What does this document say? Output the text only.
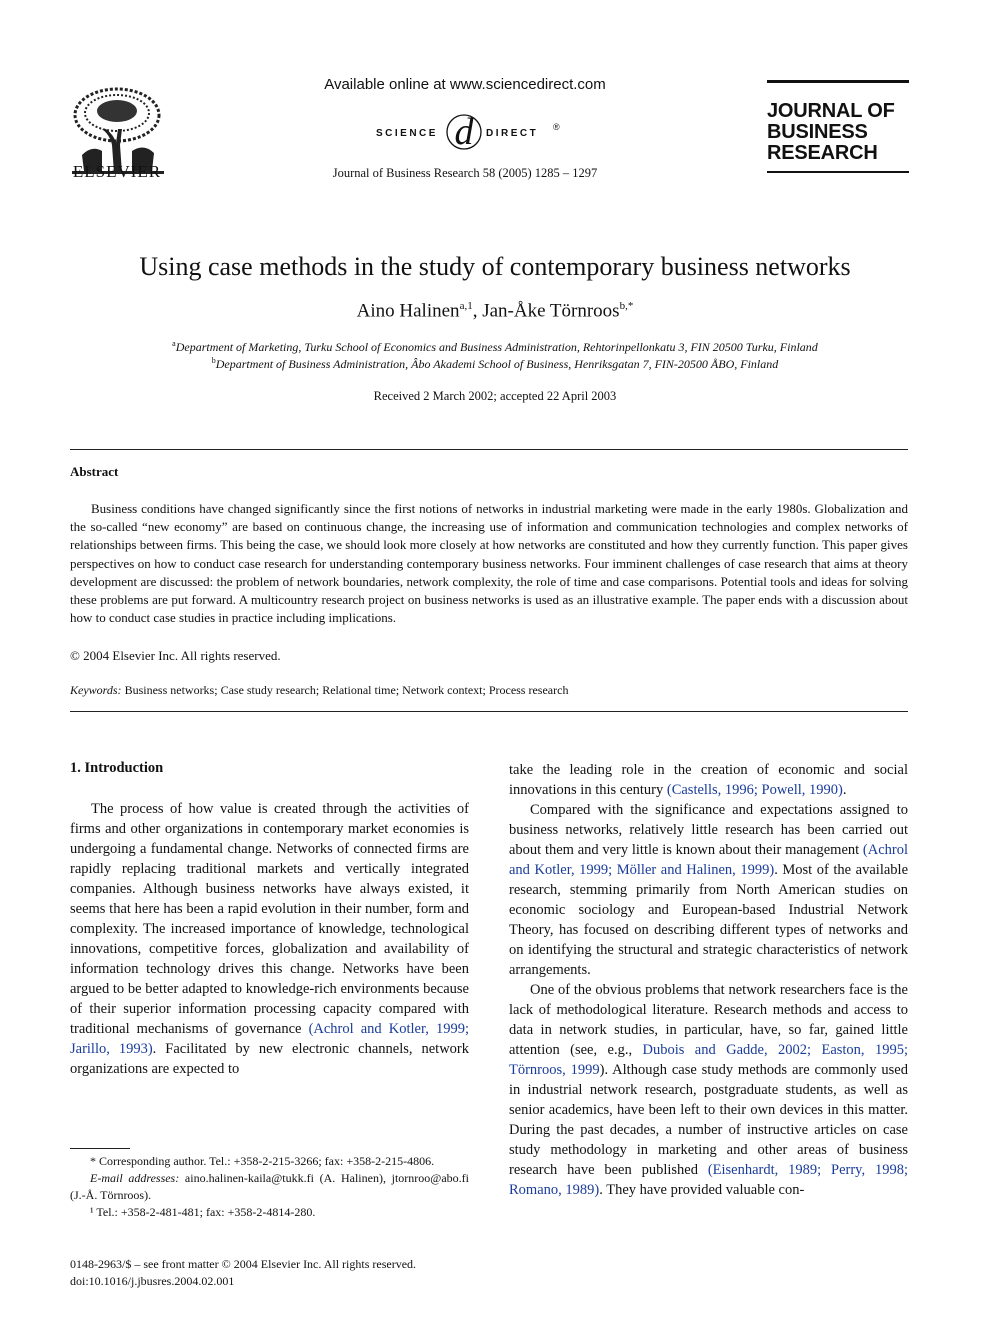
ELSEVIER
Available online at www.sciencedirect.com
SCIENCE d DIRECT
®
Journal of Business Research 58 (2005) 1285 – 1297
JOURNAL OF
BUSINESS
RESEARCH
Using case methods in the study of contemporary business networks
Aino Halinen$^{a,1}$, Jan-Åke Törnroos$^{b,*}$
$^a$Department of Marketing, Turku School of Economics and Business Administration, Rehtorinpellonkatu 3, FIN 20500 Turku, Finland
$^b$Department of Business Administration, Âbo Akademi School of Business, Henriksgatan 7, FIN-20500 ÅBO, Finland
Received 2 March 2002; accepted 22 April 2003
Abstract
Business conditions have changed significantly since the first notions of networks in industrial marketing were made in the early 1980s. Globalization and the so-called “new economy” are based on continuous change, the increasing use of information and communication technologies and complex networks of relationships between firms. This being the case, we should look more closely at how networks are constituted and how they currently function. This paper gives perspectives on how to conduct case research for understanding contemporary business networks. Four imminent challenges of case research that aims at theory development are discussed: the problem of network boundaries, network complexity, the role of time and case comparisons. Potential tools and ideas for solving these problems are put forward. A multicountry research project on business networks is used as an illustrative example. The paper ends with a discussion about how to conduct case studies in practice including implications.
© 2004 Elsevier Inc. All rights reserved.
Keywords: Business networks; Case study research; Relational time; Network context; Process research
1. Introduction

The process of how value is created through the activities of firms and other organizations in contemporary market economies is undergoing a fundamental change. Networks of connected firms are rapidly replacing traditional markets and vertically integrated companies. Although business networks have always existed, it seems that here has been a rapid evolution in their number, form and complexity. The increased importance of knowledge, technological innovations, competitive forces, globalization and availability of information technology drives this change. Networks have been argued to be better adapted to knowledge-rich environments because of their superior information processing capacity compared with traditional mechanisms of governance (Achrol and Kotler, 1999; Jarillo, 1993). Facilitated by new electronic channels, network organizations are expected to

take the leading role in the creation of economic and social innovations in this century (Castells, 1996; Powell, 1990).

Compared with the significance and expectations assigned to business networks, relatively little research has been carried out about them and very little is known about their management (Achrol and Kotler, 1999; Möller and Halinen, 1999). Most of the available research, stemming primarily from North American studies on economic sociology and European-based Industrial Network Theory, has focused on describing different types of networks and on identifying the structural and strategic characteristics of network arrangements.

One of the obvious problems that network researchers face is the lack of methodological literature. Research methods and access to data in network studies, in particular, have, so far, gained little attention (see, e.g., Dubois and Gadde, 2002; Easton, 1995; Törnroos, 1999). Although case study methods are commonly used in industrial network research, postgraduate students, as well as senior academics, have been left to their own devices in this matter. During the past decades, a number of instructive articles on case study methodology in marketing and other areas of business research have been published (Eisenhardt, 1989; Perry, 1998; Romano, 1989). They have provided valuable con-

* Corresponding author. Tel.: +358-2-215-3266; fax: +358-2-215-4806.

E-mail addresses: aino.halinen-kaila@tukk.fi (A. Halinen), jtornroo@abo.fi (J.-Å. Törnroos).

¹ Tel.: +358-2-481-481; fax: +358-2-4814-280.

0148-2963/$ – see front matter © 2004 Elsevier Inc. All rights reserved.
doi:10.1016/j.jbusres.2004.02.001
